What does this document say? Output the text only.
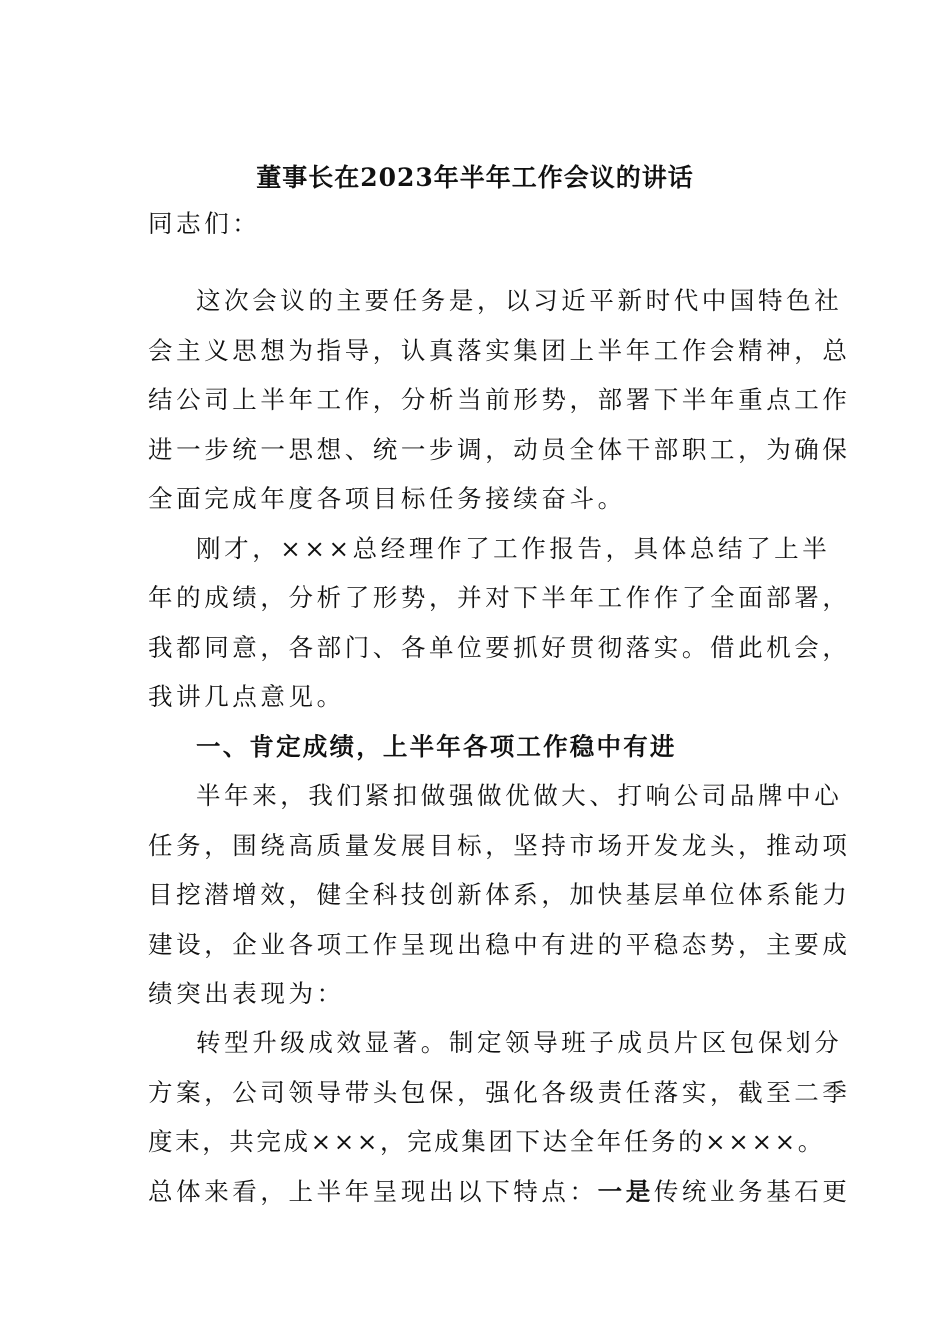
董事长在2023年半年工作会议的讲话
同志们：
这次会议的主要任务是，以习近平新时代中国特色社
会主义思想为指导，认真落实集团上半年工作会精神，总
结公司上半年工作，分析当前形势，部署下半年重点工作
进一步统一思想、统一步调，动员全体干部职工，为确保
全面完成年度各项目标任务接续奋斗。
刚才，×××总经理作了工作报告，具体总结了上半
年的成绩，分析了形势，并对下半年工作作了全面部署，
我都同意，各部门、各单位要抓好贯彻落实。借此机会，
我讲几点意见。
一、肯定成绩，上半年各项工作稳中有进
半年来，我们紧扣做强做优做大、打响公司品牌中心
任务，围绕高质量发展目标，坚持市场开发龙头，推动项
目挖潜增效，健全科技创新体系，加快基层单位体系能力
建设，企业各项工作呈现出稳中有进的平稳态势，主要成
绩突出表现为：
转型升级成效显著。制定领导班子成员片区包保划分
方案，公司领导带头包保，强化各级责任落实，截至二季
度末，共完成×××，完成集团下达全年任务的××××。
总体来看，上半年呈现出以下特点：一是传统业务基石更
